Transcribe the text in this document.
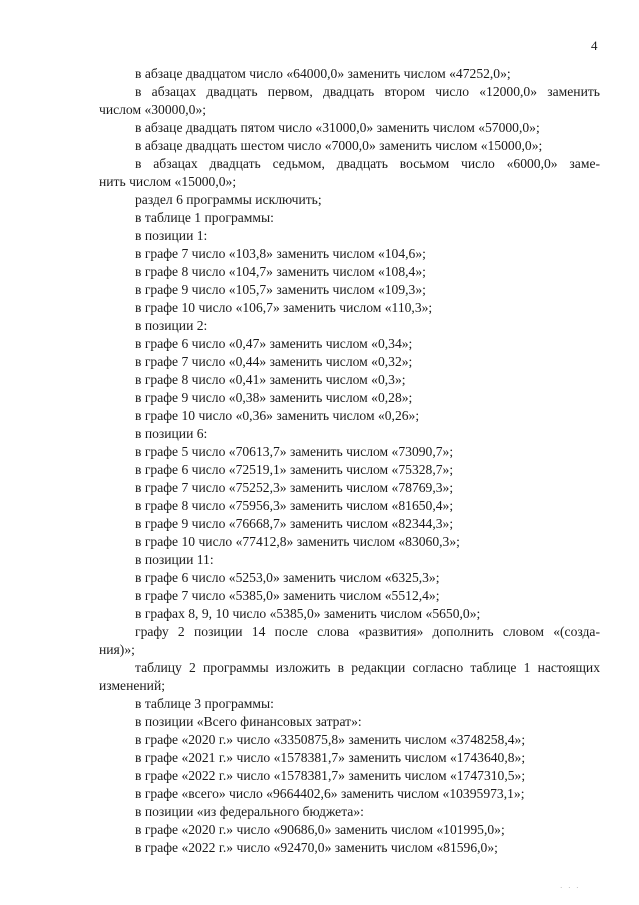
4
в абзаце двадцатом число «64000,0» заменить числом «47252,0»;
в абзацах двадцать первом, двадцать втором число «12000,0» заменить
числом «30000,0»;
в абзаце двадцать пятом число «31000,0» заменить числом «57000,0»;
в абзаце двадцать шестом число «7000,0» заменить числом «15000,0»;
в абзацах двадцать седьмом, двадцать восьмом число «6000,0» заме-
нить числом «15000,0»;
раздел 6 программы исключить;
в таблице 1 программы:
в позиции 1:
в графе 7 число «103,8» заменить числом «104,6»;
в графе 8 число «104,7» заменить числом «108,4»;
в графе 9 число «105,7» заменить числом «109,3»;
в графе 10 число «106,7» заменить числом «110,3»;
в позиции 2:
в графе 6 число «0,47» заменить числом «0,34»;
в графе 7 число «0,44» заменить числом «0,32»;
в графе 8 число «0,41» заменить числом «0,3»;
в графе 9 число «0,38» заменить числом «0,28»;
в графе 10 число «0,36» заменить числом «0,26»;
в позиции 6:
в графе 5 число «70613,7» заменить числом «73090,7»;
в графе 6 число «72519,1» заменить числом «75328,7»;
в графе 7 число «75252,3» заменить числом «78769,3»;
в графе 8 число «75956,3» заменить числом «81650,4»;
в графе 9 число «76668,7» заменить числом «82344,3»;
в графе 10 число «77412,8» заменить числом «83060,3»;
в позиции 11:
в графе 6 число «5253,0» заменить числом «6325,3»;
в графе 7 число «5385,0» заменить числом «5512,4»;
в графах 8, 9, 10 число «5385,0» заменить числом «5650,0»;
графу 2 позиции 14 после слова «развития» дополнить словом «(созда-
ния)»;
таблицу 2 программы изложить в редакции согласно таблице 1 настоящих
изменений;
в таблице 3 программы:
в позиции «Всего финансовых затрат»:
в графе «2020 г.» число «3350875,8» заменить числом «3748258,4»;
в графе «2021 г.» число «1578381,7» заменить числом «1743640,8»;
в графе «2022 г.» число «1578381,7» заменить числом «1747310,5»;
в графе «всего» число «9664402,6» заменить числом «10395973,1»;
в позиции «из федерального бюджета»:
в графе «2020 г.» число «90686,0» заменить числом «101995,0»;
в графе «2022 г.» число «92470,0» заменить числом «81596,0»;
· · ·
